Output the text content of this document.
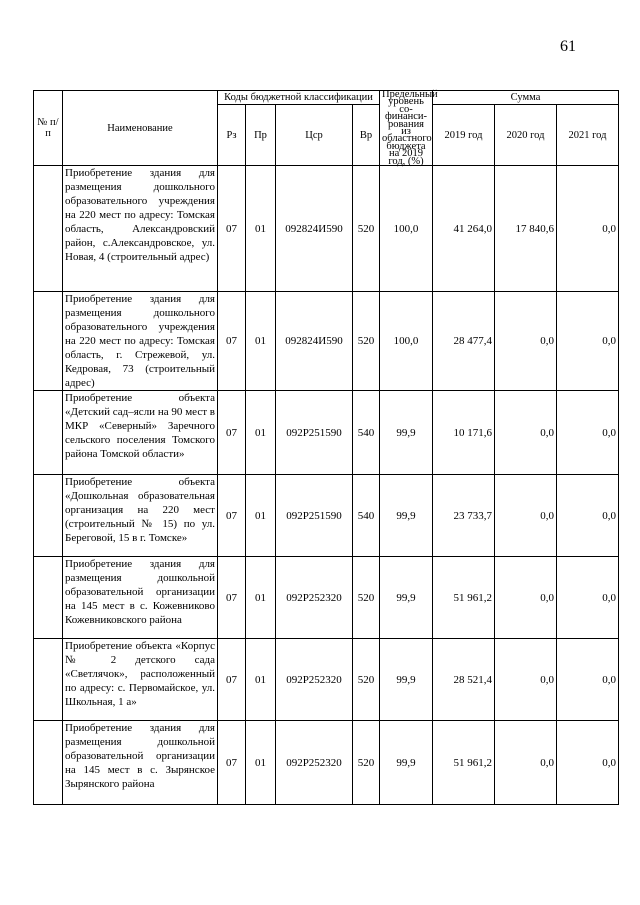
61
№ п/п	Наименование	Коды бюджетной классификации				Предельный уровень со-финанси-рования из областного бюджета на 2019 год, (%)	Сумма		
		Рз	Пр	Цср	Вр		2019 год	2020 год	2021 год
	Приобретение здания для размещения дошкольного образовательного учреждения на 220 мест по адресу: Томская область, Александровский район, с.Александровское, ул. Новая, 4 (строительный адрес)	07	01	092824И590	520	100,0	41 264,0	17 840,6	0,0
	Приобретение здания для размещения дошкольного образовательного учреждения на 220 мест по адресу: Томская область, г. Стрежевой, ул. Кедровая, 73 (строительный адрес)	07	01	092824И590	520	100,0	28 477,4	0,0	0,0
	Приобретение объекта «Детский сад–ясли на 90 мест в МКР «Северный» Заречного сельского поселения Томского района Томской области»	07	01	092P251590	540	99,9	10 171,6	0,0	0,0
	Приобретение объекта «Дошкольная образовательная организация на 220 мест (строительный № 15) по ул. Береговой, 15 в г. Томске»	07	01	092P251590	540	99,9	23 733,7	0,0	0,0
	Приобретение здания для размещения дошкольной образовательной организации на 145 мест в с. Кожевниково Кожевниковского района	07	01	092P252320	520	99,9	51 961,2	0,0	0,0
	Приобретение объекта «Корпус № 2 детского сада «Светлячок», расположенный по адресу: с. Первомайское, ул. Школьная, 1 а»	07	01	092P252320	520	99,9	28 521,4	0,0	0,0
	Приобретение здания для размещения дошкольной образовательной организации на 145 мест в с. Зырянское Зырянского района	07	01	092P252320	520	99,9	51 961,2	0,0	0,0
